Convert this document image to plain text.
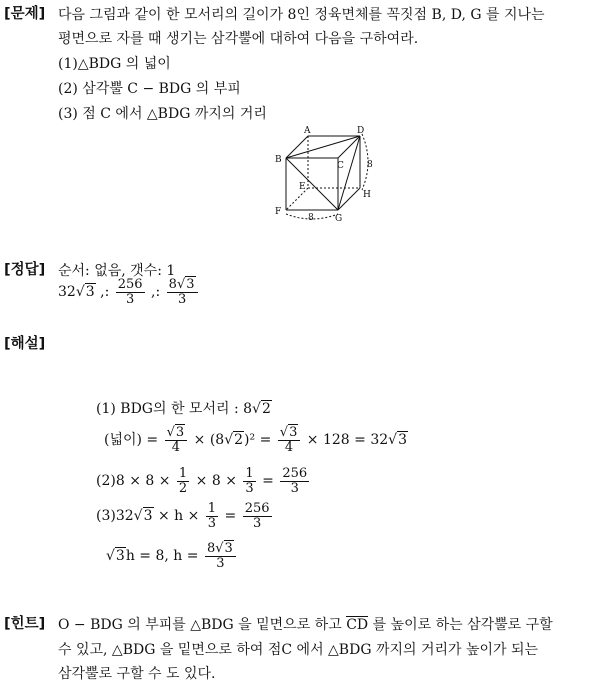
[문제] 다음 그림과 같이 한 모서리의 길이가 8인 정육면체를 꼭짓점 B, D, G 를 지나는
평면으로 자를 때 생기는 삼각뿔에 대하여 다음을 구하여라.
(1)△BDG 의 넓이
(2) 삼각뿔 C − BDG 의 부피
(3) 점 C 에서 △BDG 까지의 거리
A	D
B
C
E
H
F
G
8
8
[정답] 순서: 없음, 갯수: 1
32√3 ,: $\frac{256}{3}$ ,: $\frac{8√3}{3}$
[해설]
(1) BDG의 한 모서리 : 8√2
(넓이) = $\frac{√3}{4} \times (8√2)^2 = \frac{√3}{4} \times 128 = 32√3$
$(2)8 \times 8 \times \frac{1}{2} \times 8 \times \frac{1}{3} = \frac{256}{3}$
$(3)32√3 \times h \times \frac{1}{3} = \frac{256}{3}$
√3h = 8, $h = \frac{8√3}{3}$
[힌트] O − BDG 의 부피를 △BDG 을 밑면으로 하고 CD 를 높이로 하는 삼각뿔로 구할
수 있고, △BDG 을 밑면으로 하여 점C 에서 △BDG 까지의 거리가 높이가 되는
삼각뿔로 구할 수 도 있다.
